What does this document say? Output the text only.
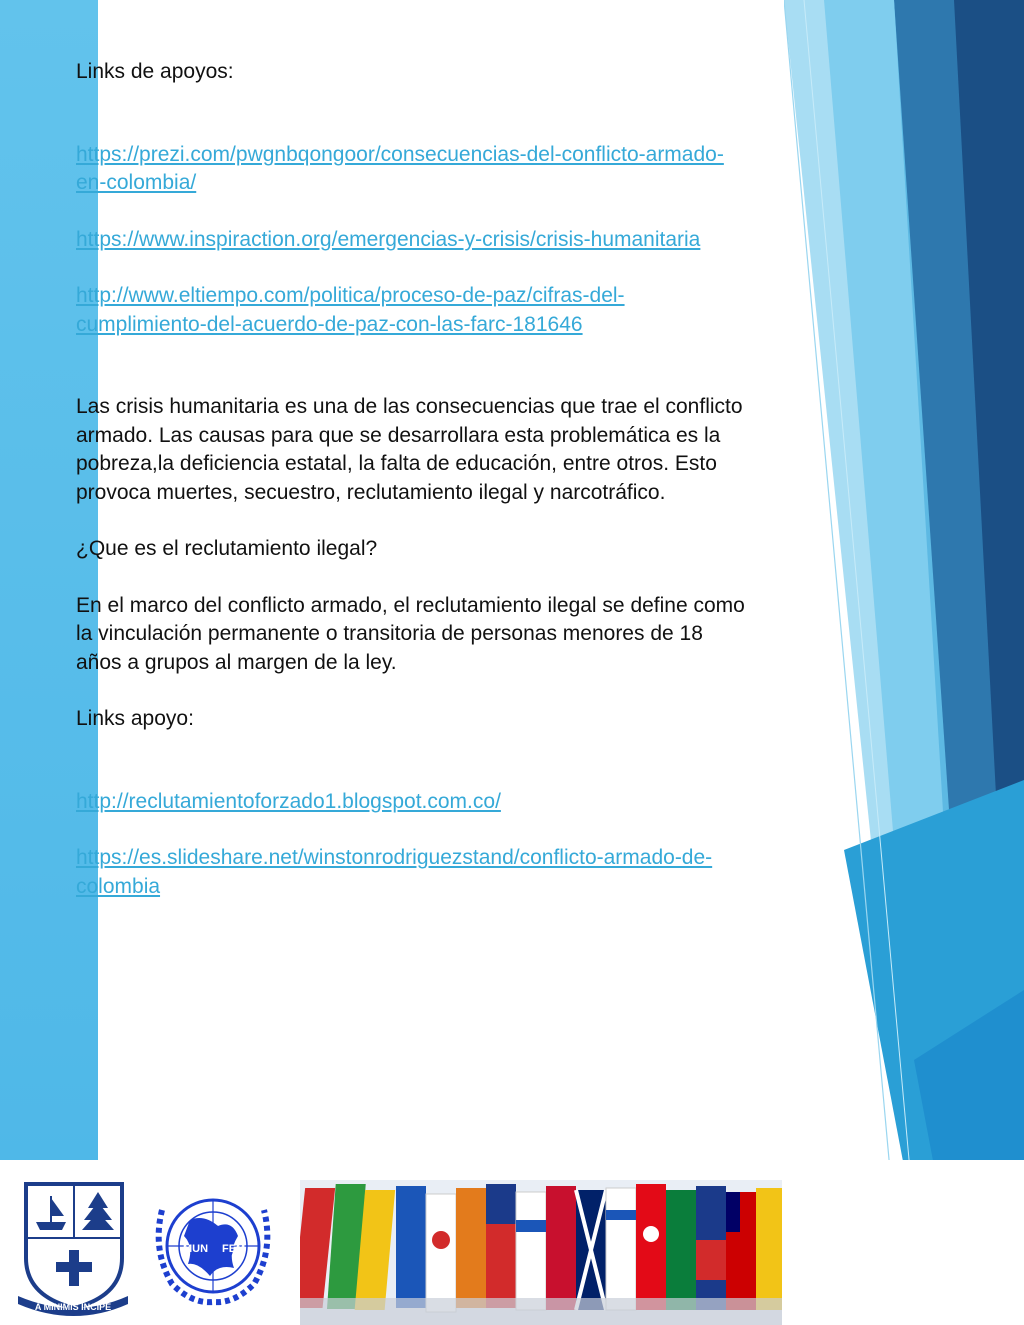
Links de apoyos:

https://prezi.com/pwgnbqongoor/consecuencias-del-conflicto-armado-
en-colombia/

https://www.inspiraction.org/emergencias-y-crisis/crisis-humanitaria

http://www.eltiempo.com/politica/proceso-de-paz/cifras-del-
cumplimiento-del-acuerdo-de-paz-con-las-farc-181646

Las crisis humanitaria es una de las consecuencias que trae el conflicto
armado. Las causas para que se desarrollara esta problemática es la
pobreza,la deficiencia estatal, la falta de educación, entre otros. Esto
provoca muertes, secuestro, reclutamiento ilegal y narcotráfico.

¿Que es el reclutamiento ilegal?

En el marco del conflicto armado, el reclutamiento ilegal se define como
la vinculación permanente o transitoria de personas menores de 18
años a grupos al margen de la ley.

Links apoyo:

http://reclutamientoforzado1.blogspot.com.co/

https://es.slideshare.net/winstonrodriguezstand/conflicto-armado-de-
colombia

A MINIMIS INCIPE
MUN FEM
